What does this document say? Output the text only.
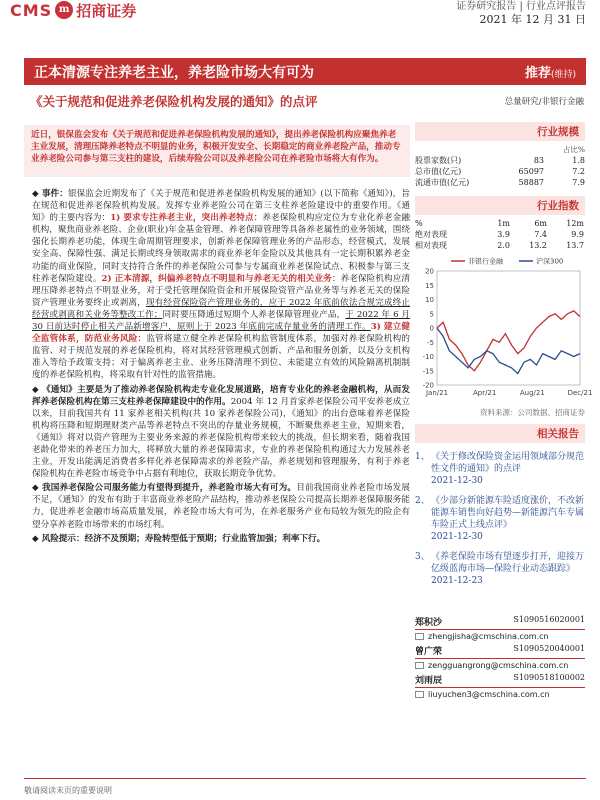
CMS m 招商证券	证券研究报告 | 行业点评报告
2021 年 12 月 31 日
正本清源专注养老主业，养老险市场大有可为	推荐(维持)
《关于规范和促进养老保险机构发展的通知》的点评	总量研究/非银行金融
近日，银保监会发布《关于规范和促进养老保险机构发展的通知》，提出养老保险机构应聚焦养老主业发展，清理压降养老特点不明显的业务，积极开发安全、长期稳定的商业养老险产品，推动专业养老险公司参与第三支柱的建设，后续寿险公司以及养老险公司在养老险市场将大有作为。

◆ 事件：银保监会近期发布了《关于规范和促进养老保险机构发展的通知》(以下简称《通知》)，旨在规范和促进养老保险机构发展。发挥专业养老险公司在第三支柱养老险建设中的重要作用。《通知》的主要内容为：1) 要求专注养老主业，突出养老特点：养老保险机构应定位为专业化养老金融机构，聚焦商业养老险、企业(职业)年金基金管理、养老保障管理等具备养老属性的业务领域，围绕强化长期养老功能，体现生命周期管理要求，创新养老保障管理业务的产品形态，经营模式，发展安全高、保障性强、满足长期或终身领取需求的商业养老年金险以及其他具有一定长期积累养老金功能的商业保险，同时支持符合条件的养老保险公司参与专属商业养老保险试点、积极参与第三支柱养老保险建设。2) 正本清源，纠偏养老特点不明显和与养老无关的相关业务：养老保险机构应清理压降养老特点不明显业务，对于受托管理保险资金和开展保险资管产品业务等与养老无关的保险资产管理业务要终止或剥离，现有经营保险资产管理业务的，应于 2022 年底前依法合规完成终止经营或剥离和关业务等整改工作；同时要压降通过短期个人养老保障管理业产品，于 2022 年 6 月 30 日前达时停止相关产品新增客户，原则上于 2023 年底前完成存量业务的清理工作。3) 建立健全监管体系，防范业务风险：监管将建立健全养老保险机构监管制度体系，加强对养老保险机构的监管、对于规范发展的养老保险机构，将对其经营管理模式创新、产品和服务创新，以及分支机构准入等给予政策支持；对于偏离养老主业、业务压降清理不到位、未能建立有效的风险隔离机制制度的养老保险机构，将采取有针对性的监管措施。

◆ 《通知》主要是为了推动养老保险机构走专业化发展道路，培育专业化的养老金融机构，从而发挥养老保险机构在第三支柱养老保障建设中的作用。2004 年 12 月首家养老保险公司平安养老成立以来，目前我国共有 11 家养老相关机构(共 10 家养老保险公司)，《通知》的出台意味着养老保险机构将压降和短期理财类产品等养老特点不突出的存量业务规模，不断聚焦养老主业，短期来看，《通知》将对以资产管理为主要业务来源的养老保险机构带来较大的挑战，但长期来看，随着我国老龄化带来的养老压力加大，将释放大量的养老保障需求，专业的养老保险机构通过大力发展养老主业，开发出能满足消费者多样化养老保障需求的养老险产品，养老规划和管理服务，有利于养老保险机构在养老险市场竞争中占据有利地位，获取长期竞争优势。

◆ 我国养老保险公司服务能力有望得到提升，养老险市场大有可为。目前我国商业养老险市场发展不足，《通知》的发布有助于丰富商业养老险产品结构，推动养老保险公司提高长期养老保障服务能力，促进养老金融市场高质量发展，养老险市场大有可为，在养老服务产业布局较为领先的险企有望分享养老险市场带来的市场红利。

◆ 风险提示：经济不及预期；寿险转型低于预期；行业监管加强；利率下行。

行业规模
占比%
股票家数(只)	83	1.8
总市值(亿元)	65097	7.2
流通市值(亿元)	58887	7.9
行业指数
%	1m	6m	12m
绝对表现	3.9	7.4	9.9
相对表现	2.0	13.2	13.7
20
15
10
5
0
-5
-10
-15
-20
Jan/21	Apr/21	Aug/21	Dec/21
非银行金融	沪深300
资料来源：公司数据、招商证券
相关报告
1、 《关于修改保险资金运用领域部分规范性文件的通知》的点评
2021-12-30
2、 《少部分新能源车险适度涨价，不改新能源车销售向好趋势—新能源汽车专属车险正式上线点评》
2021-12-30
3、 《养老保险市场有望逐步打开，迎接万亿级蓝海市场—保险行业动态跟踪》
2021-12-23
郑积沙	S1090516020001
zhengjisha@cmschina.com.cn
曾广荣	S1090520040001
zengguangrong@cmschina.com.cn
刘雨辰	S1090518100002
liuyuchen3@cmschina.com.cn
敬请阅读末页的重要说明
